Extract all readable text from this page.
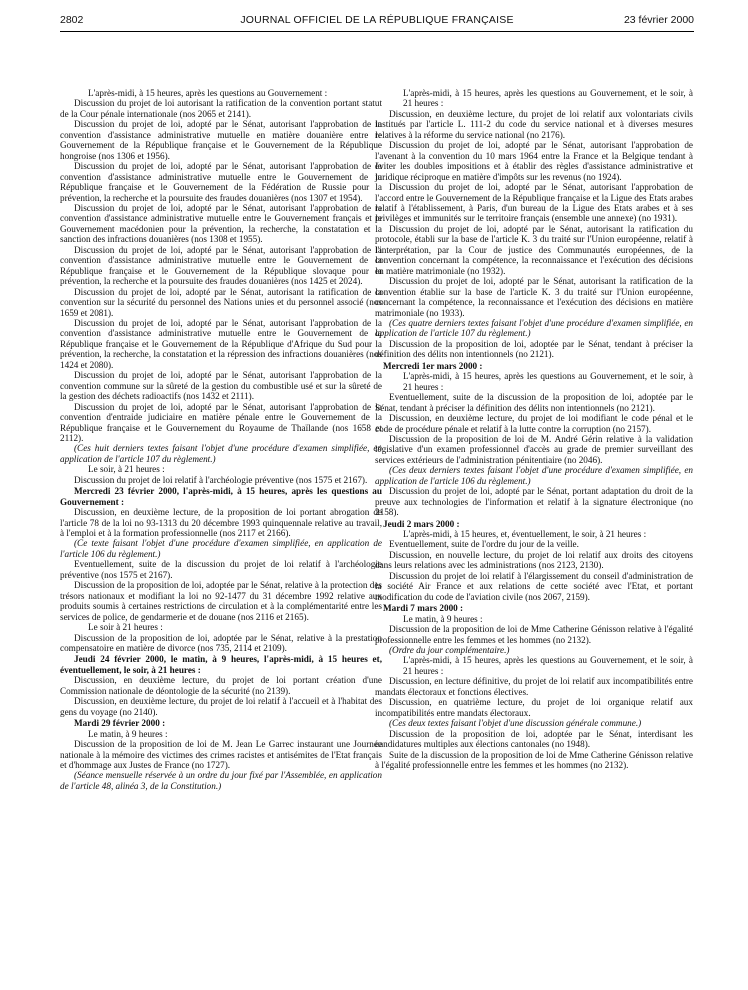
2802	JOURNAL OFFICIEL DE LA RÉPUBLIQUE FRANÇAISE	23 février 2000

L'après-midi, à 15 heures, après les questions au Gouvernement :

Discussion du projet de loi autorisant la ratification de la convention portant statut de la Cour pénale internationale (nos 2065 et 2141).

Discussion du projet de loi, adopté par le Sénat, autorisant l'approbation de la convention d'assistance administrative mutuelle en matière douanière entre le Gouvernement de la République française et le Gouvernement de la République hongroise (nos 1306 et 1956).

Discussion du projet de loi, adopté par le Sénat, autorisant l'approbation de la convention d'assistance administrative mutuelle entre le Gouvernement de la République française et le Gouvernement de la Fédération de Russie pour la prévention, la recherche et la poursuite des fraudes douanières (nos 1307 et 1954).

Discussion du projet de loi, adopté par le Sénat, autorisant l'approbation de la convention d'assistance administrative mutuelle entre le Gouvernement français et le Gouvernement macédonien pour la prévention, la recherche, la constatation et la sanction des infractions douanières (nos 1308 et 1955).

Discussion du projet de loi, adopté par le Sénat, autorisant l'approbation de la convention d'assistance administrative mutuelle entre le Gouvernement de la République française et le Gouvernement de la République slovaque pour la prévention, la recherche et la poursuite des fraudes douanières (nos 1425 et 2024).

Discussion du projet de loi, adopté par le Sénat, autorisant la ratification de la convention sur la sécurité du personnel des Nations unies et du personnel associé (nos 1659 et 2081).

Discussion du projet de loi, adopté par le Sénat, autorisant l'approbation de la convention d'assistance administrative mutuelle entre le Gouvernement de la République française et le Gouvernement de la République d'Afrique du Sud pour la prévention, la recherche, la constatation et la répression des infractions douanières (nos 1424 et 2080).

Discussion du projet de loi, adopté par le Sénat, autorisant l'approbation de la convention commune sur la sûreté de la gestion du combustible usé et sur la sûreté de la gestion des déchets radioactifs (nos 1432 et 2111).

Discussion du projet de loi, adopté par le Sénat, autorisant l'approbation de la convention d'entraide judiciaire en matière pénale entre le Gouvernement de la République française et le Gouvernement du Royaume de Thaïlande (nos 1658 et 2112).

(Ces huit derniers textes faisant l'objet d'une procédure d'examen simplifiée, en application de l'article 107 du règlement.)

Le soir, à 21 heures :

Discussion du projet de loi relatif à l'archéologie préventive (nos 1575 et 2167).

Mercredi 23 février 2000, l'après-midi, à 15 heures, après les questions au Gouvernement :

Discussion, en deuxième lecture, de la proposition de loi portant abrogation de l'article 78 de la loi no 93-1313 du 20 décembre 1993 quinquennale relative au travail, à l'emploi et à la formation professionnelle (nos 2117 et 2166).

(Ce texte faisant l'objet d'une procédure d'examen simplifiée, en application de l'article 106 du règlement.)

Eventuellement, suite de la discussion du projet de loi relatif à l'archéologie préventive (nos 1575 et 2167).

Discussion de la proposition de loi, adoptée par le Sénat, relative à la protection des trésors nationaux et modifiant la loi no 92-1477 du 31 décembre 1992 relative aux produits soumis à certaines restrictions de circulation et à la complémentarité entre les services de police, de gendarmerie et de douane (nos 2116 et 2165).

Le soir à 21 heures :

Discussion de la proposition de loi, adoptée par le Sénat, relative à la prestation compensatoire en matière de divorce (nos 735, 2114 et 2109).

Jeudi 24 février 2000, le matin, à 9 heures, l'après-midi, à 15 heures et, éventuellement, le soir, à 21 heures :

Discussion, en deuxième lecture, du projet de loi portant création d'une Commission nationale de déontologie de la sécurité (no 2139).

Discussion, en deuxième lecture, du projet de loi relatif à l'accueil et à l'habitat des gens du voyage (no 2140).

Mardi 29 février 2000 :

Le matin, à 9 heures :

Discussion de la proposition de loi de M. Jean Le Garrec instaurant une Journée nationale à la mémoire des victimes des crimes racistes et antisémites de l'Etat français et d'hommage aux Justes de France (no 1727).

(Séance mensuelle réservée à un ordre du jour fixé par l'Assemblée, en application de l'article 48, alinéa 3, de la Constitution.)

L'après-midi, à 15 heures, après les questions au Gouvernement, et le soir, à 21 heures :

Discussion, en deuxième lecture, du projet de loi relatif aux volontariats civils institués par l'article L. 111-2 du code du service national et à diverses mesures relatives à la réforme du service national (no 2176).

Discussion du projet de loi, adopté par le Sénat, autorisant l'approbation de l'avenant à la convention du 10 mars 1964 entre la France et la Belgique tendant à éviter les doubles impositions et à établir des règles d'assistance administrative et juridique réciproque en matière d'impôts sur les revenus (no 1924).

Discussion du projet de loi, adopté par le Sénat, autorisant l'approbation de l'accord entre le Gouvernement de la République française et la Ligue des Etats arabes relatif à l'établissement, à Paris, d'un bureau de la Ligue des Etats arabes et à ses privilèges et immunités sur le territoire français (ensemble une annexe) (no 1931).

Discussion du projet de loi, adopté par le Sénat, autorisant la ratification du protocole, établi sur la base de l'article K. 3 du traité sur l'Union européenne, relatif à l'interprétation, par la Cour de justice des Communautés européennes, de la convention concernant la compétence, la reconnaissance et l'exécution des décisions en matière matrimoniale (no 1932).

Discussion du projet de loi, adopté par le Sénat, autorisant la ratification de la convention établie sur la base de l'article K. 3 du traité sur l'Union européenne, concernant la compétence, la reconnaissance et l'exécution des décisions en matière matrimoniale (no 1933).

(Ces quatre derniers textes faisant l'objet d'une procédure d'examen simplifiée, en application de l'article 107 du règlement.)

Discussion de la proposition de loi, adoptée par le Sénat, tendant à préciser la définition des délits non intentionnels (no 2121).

Mercredi 1er mars 2000 :

L'après-midi, à 15 heures, après les questions au Gouvernement, et le soir, à 21 heures :

Eventuellement, suite de la discussion de la proposition de loi, adoptée par le Sénat, tendant à préciser la définition des délits non intentionnels (no 2121).

Discussion, en deuxième lecture, du projet de loi modifiant le code pénal et le code de procédure pénale et relatif à la lutte contre la corruption (no 2157).

Discussion de la proposition de loi de M. André Gérin relative à la validation législative d'un examen professionnel d'accès au grade de premier surveillant des services extérieurs de l'administration pénitentiaire (no 2046).

(Ces deux derniers textes faisant l'objet d'une procédure d'examen simplifiée, en application de l'article 106 du règlement.)

Discussion du projet de loi, adopté par le Sénat, portant adaptation du droit de la preuve aux technologies de l'information et relatif à la signature électronique (no 2158).

Jeudi 2 mars 2000 :

L'après-midi, à 15 heures, et, éventuellement, le soir, à 21 heures :

Eventuellement, suite de l'ordre du jour de la veille.

Discussion, en nouvelle lecture, du projet de loi relatif aux droits des citoyens dans leurs relations avec les administrations (nos 2123, 2130).

Discussion du projet de loi relatif à l'élargissement du conseil d'administration de la société Air France et aux relations de cette société avec l'Etat, et portant modification du code de l'aviation civile (nos 2067, 2159).

Mardi 7 mars 2000 :

Le matin, à 9 heures :

Discussion de la proposition de loi de Mme Catherine Génisson relative à l'égalité professionnelle entre les femmes et les hommes (no 2132).

(Ordre du jour complémentaire.)

L'après-midi, à 15 heures, après les questions au Gouvernement, et le soir, à 21 heures :

Discussion, en lecture définitive, du projet de loi relatif aux incompatibilités entre mandats électoraux et fonctions électives.

Discussion, en quatrième lecture, du projet de loi organique relatif aux incompatibilités entre mandats électoraux.

(Ces deux textes faisant l'objet d'une discussion générale commune.)

Discussion de la proposition de loi, adoptée par le Sénat, interdisant les candidatures multiples aux élections cantonales (no 1948).

Suite de la discussion de la proposition de loi de Mme Catherine Génisson relative à l'égalité professionnelle entre les femmes et les hommes (no 2132).
